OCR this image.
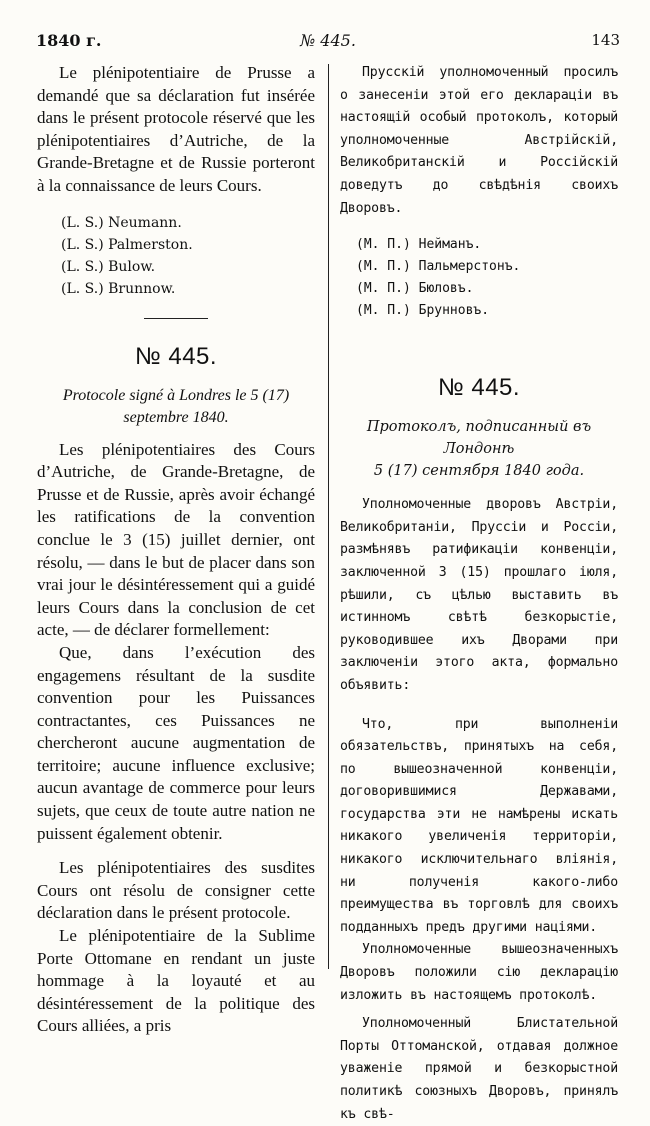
1840 г.	№ 445.	143

Le plénipotentiaire de Prusse a demandé que sa déclaration fut insérée dans le présent protocole réservé que les plénipotentiaires d’Autriche, de la Grande-Bretagne et de Russie porteront à la connaissance de leurs Cours.

(L. S.) Neumann.

(L. S.) Palmerston.

(L. S.) Bulow.

(L. S.) Brunnow.

№ 445.

Protocole signé à Londres le 5 (17)

septembre 1840.

Les plénipotentiaires des Cours d’Autriche, de Grande-Bretagne, de Prusse et de Russie, après avoir échangé les ratifications de la convention conclue le 3 (15) juillet dernier, ont résolu, — dans le but de placer dans son vrai jour le désintéressement qui a guidé leurs Cours dans la conclusion de cet acte, — de déclarer formellement:

Que, dans l’exécution des engagemens résultant de la susdite convention pour les Puissances contractantes, ces Puissances ne chercheront aucune augmentation de territoire; aucune influence exclusive; aucun avantage de commerce pour leurs sujets, que ceux de toute autre nation ne puissent également obtenir.

Les plénipotentiaires des susdites Cours ont résolu de consigner cette déclaration dans le présent protocole.

Le plénipotentiaire de la Sublime Porte Ottomane en rendant un juste hommage à la loyauté et au désintéressement de la politique des Cours alliées, a pris

Прусскій уполномоченный просилъ о занесеніи этой его деклараціи въ настоящій особый протоколъ, который уполномоченные Австрійскій, Великобританскій и Россійскій доведутъ до свѣдѣнія своихъ Дворовъ.

(М. П.) Нейманъ.

(М. П.) Пальмерстонъ.

(М. П.) Бюловъ.

(М. П.) Брунновъ.

№ 445.

Протоколъ, подписанный въ Лондонѣ

5 (17) сентября 1840 года.

Уполномоченные дворовъ Австріи, Великобританіи, Пруссіи и Россіи, размѣнявъ ратификаціи конвенціи, заключенной 3 (15) прошлаго іюля, рѣшили, съ цѣлью выставить въ истинномъ свѣтѣ безкорыстіе, руководившее ихъ Дворами при заключеніи этого акта, формально объявить:

Что, при выполненіи обязательствъ, принятыхъ на себя, по вышеозначенной конвенціи, договорившимися Державами, государства эти не намѣрены искать никакого увеличенія территоріи, никакого исключительнаго вліянія, ни полученія какого-либо преимущества въ торговлѣ для своихъ подданныхъ предъ другими націями.

Уполномоченные вышеозначенныхъ Дворовъ положили сію декларацію изложить въ настоящемъ протоколѣ.

Уполномоченный Блистательной Порты Оттоманской, отдавая должное уваженіе прямой и безкорыстной политикѣ союзныхъ Дворовъ, принялъ къ свѣ-
